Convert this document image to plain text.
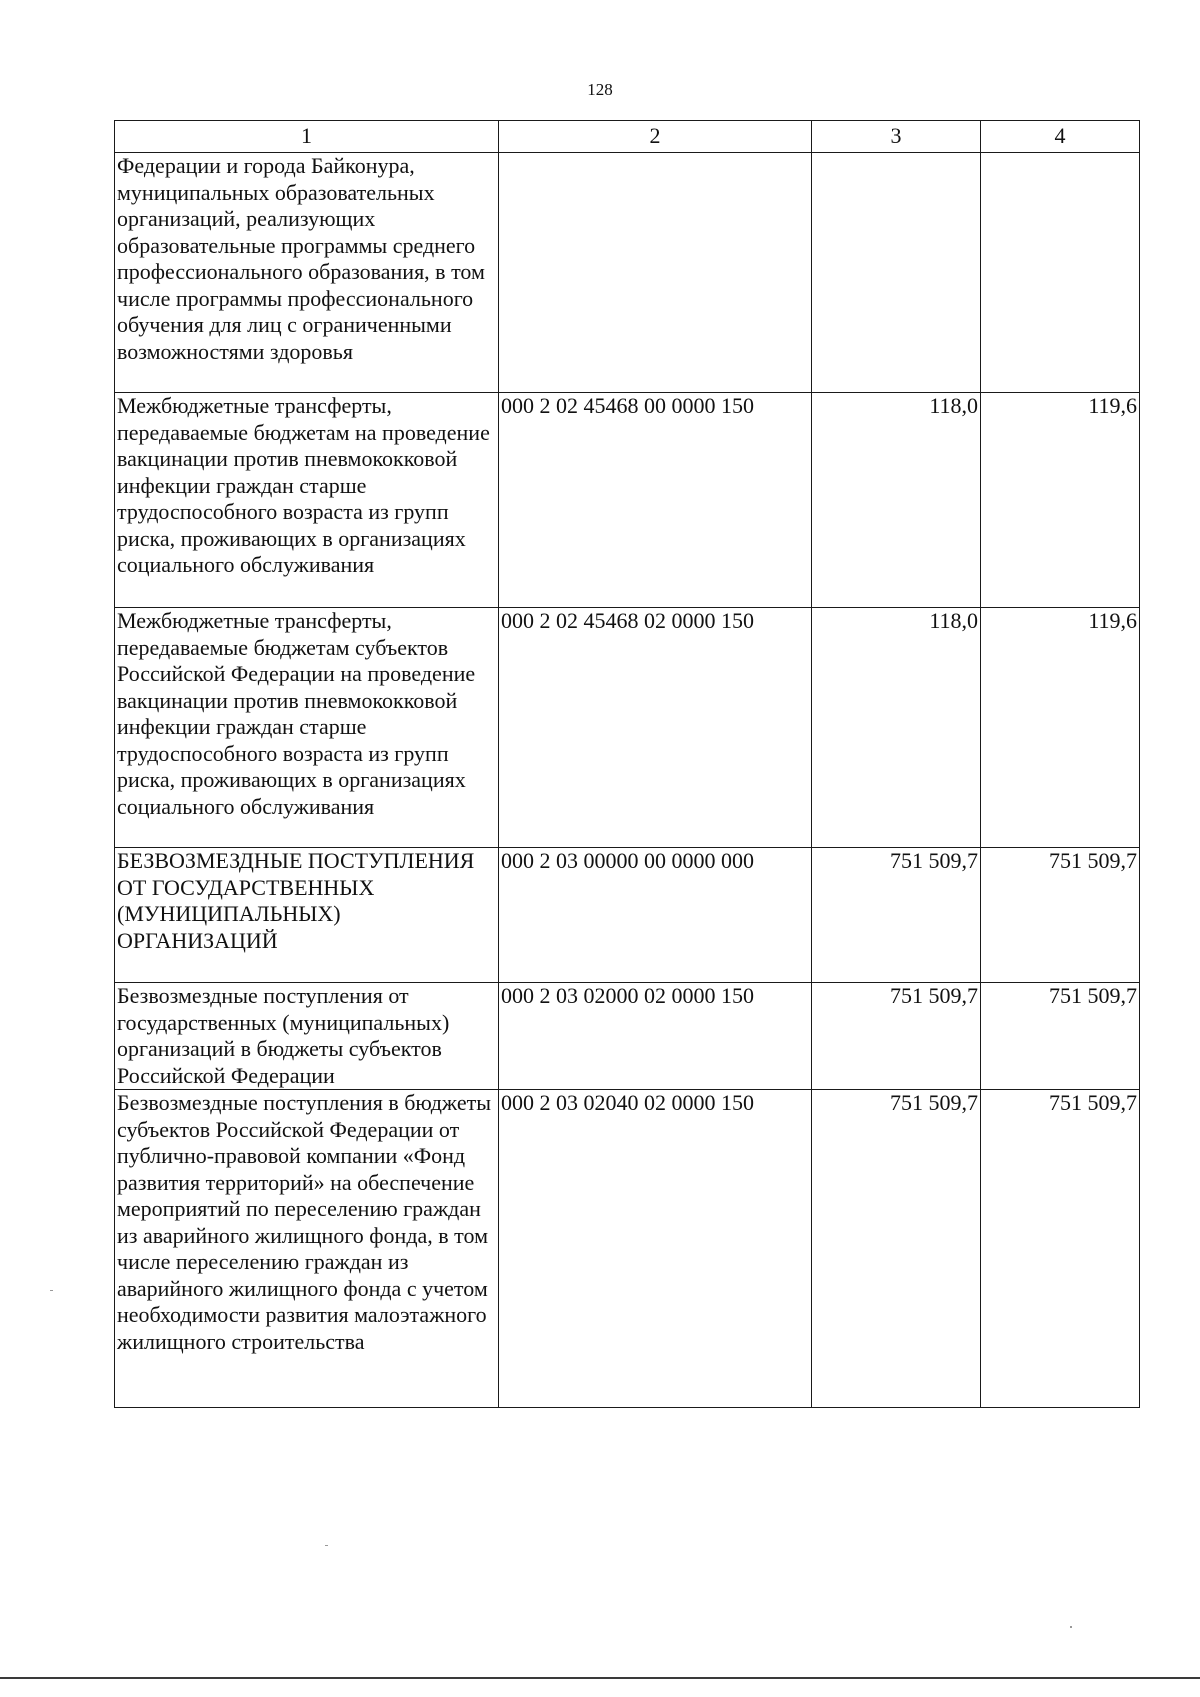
128
1	2	3	4
Федерации и города Байконура, муниципальных образовательных организаций, реализующих образовательные программы среднего профессионального образования, в том числе программы профессионального обучения для лиц с ограниченными возможностями здоровья			
Межбюджетные трансферты, передаваемые бюджетам на проведение вакцинации против пневмококковой инфекции граждан старше трудоспособного возраста из групп риска, проживающих в организациях социального обслуживания	000 2 02 45468 00 0000 150	118,0	119,6
Межбюджетные трансферты, передаваемые бюджетам субъектов Российской Федерации на проведение вакцинации против пневмококковой инфекции граждан старше трудоспособного возраста из групп риска, проживающих в организациях социального обслуживания	000 2 02 45468 02 0000 150	118,0	119,6
БЕЗВОЗМЕЗДНЫЕ ПОСТУПЛЕНИЯ ОТ ГОСУДАРСТВЕННЫХ (МУНИЦИПАЛЬНЫХ) ОРГАНИЗАЦИЙ	000 2 03 00000 00 0000 000	751 509,7	751 509,7
Безвозмездные поступления от государственных (муниципальных) организаций в бюджеты субъектов Российской Федерации	000 2 03 02000 02 0000 150	751 509,7	751 509,7
Безвозмездные поступления в бюджеты субъектов Российской Федерации от публично-правовой компании «Фонд развития территорий» на обеспечение мероприятий по переселению граждан из аварийного жилищного фонда, в том числе переселению граждан из аварийного жилищного фонда с учетом необходимости развития малоэтажного жилищного строительства	000 2 03 02040 02 0000 150	751 509,7	751 509,7
